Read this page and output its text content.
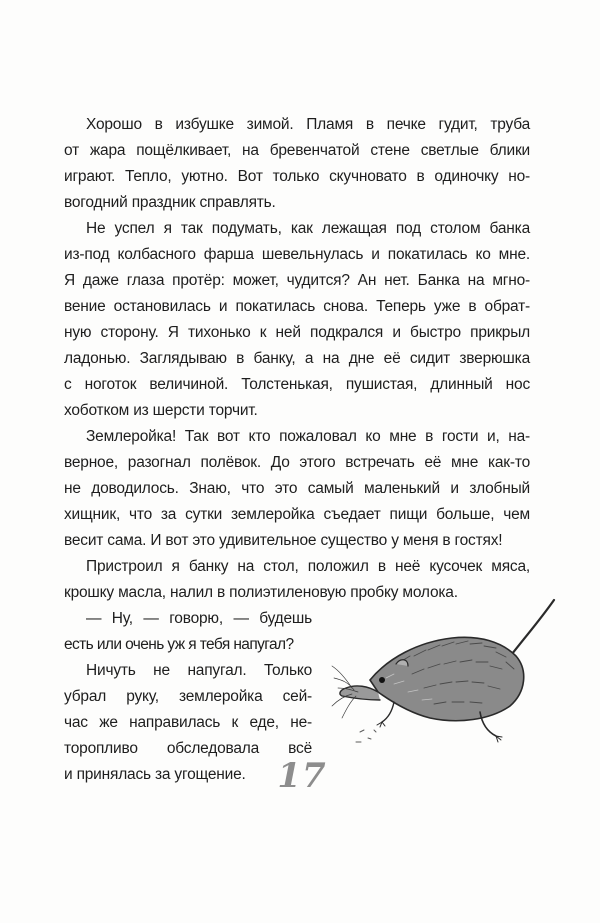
Хорошо в избушке зимой. Пламя в печке гудит, труба
от жара пощёлкивает, на бревенчатой стене светлые блики
играют. Тепло, уютно. Вот только скучновато в одиночку но-
вогодний праздник справлять.
Не успел я так подумать, как лежащая под столом банка
из-под колбасного фарша шевельнулась и покатилась ко мне.
Я даже глаза протёр: может, чудится? Ан нет. Банка на мгно-
вение остановилась и покатилась снова. Теперь уже в обрат-
ную сторону. Я тихонько к ней подкрался и быстро прикрыл
ладонью. Заглядываю в банку, а на дне её сидит зверюшка
с ноготок величиной. Толстенькая, пушистая, длинный нос
хоботком из шерсти торчит.
Землеройка! Так вот кто пожаловал ко мне в гости и, на-
верное, разогнал полёвок. До этого встречать её мне как-то
не доводилось. Знаю, что это самый маленький и злобный
хищник, что за сутки землеройка съедает пищи больше, чем
весит сама. И вот это удивительное существо у меня в гостях!
Пристроил я банку на стол, положил в неё кусочек мяса,
крошку масла, налил в полиэтиленовую пробку молока.
— Ну, — говорю, — будешь
есть или очень уж я тебя напугал?
Ничуть не напугал. Только
убрал руку, землеройка сей-
час же направилась к еде, не-
торопливо обследовала всё
и принялась за угощение. 17
